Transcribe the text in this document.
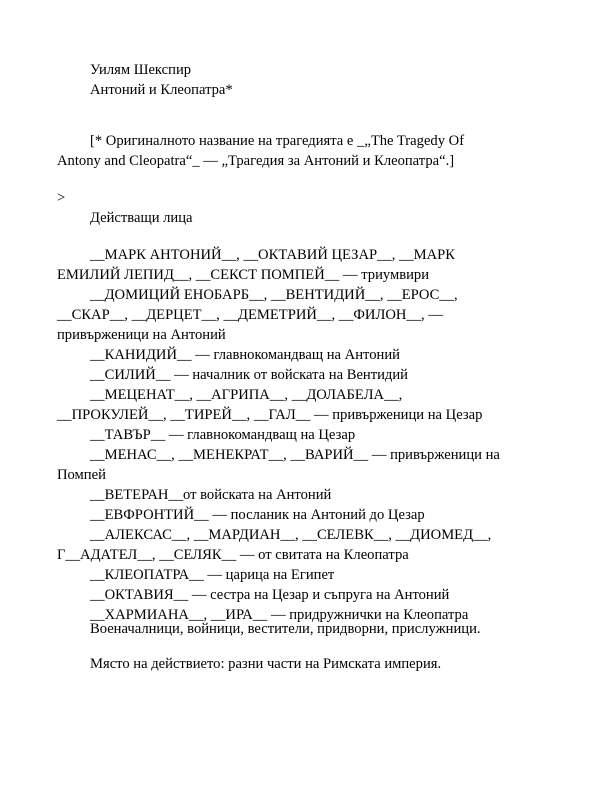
Уилям Шекспир

Антоний и Клеопатра*

[* Оригиналното название на трагедията е _„The Tragedy Of

Antony and Cleopatra“_ — „Трагедия за Антоний и Клеопатра“.]

>

Действащи лица

__МАРК АНТОНИЙ__, __ОКТАВИЙ ЦЕЗАР__, __МАРК

ЕМИЛИЙ ЛЕПИД__, __СЕКСТ ПОМПЕЙ__ — триумвири

__ДОМИЦИЙ ЕНОБАРБ__, __ВЕНТИДИЙ__, __ЕРОС__,

__СКАР__, __ДЕРЦЕТ__, __ДЕМЕТРИЙ__, __ФИЛОН__, —

привърженици на Антоний

__КАНИДИЙ__ — главнокомандващ на Антоний

__СИЛИЙ__ — началник от войската на Вентидий

__МЕЦЕНАТ__, __АГРИПА__, __ДОЛАБЕЛА__,

__ПРОКУЛЕЙ__, __ТИРЕЙ__, __ГАЛ__ — привърженици на Цезар

__ТАВЪР__ — главнокомандващ на Цезар

__МЕНАС__, __МЕНЕКРАТ__, __ВАРИЙ__ — привърженици на

Помпей

__ВЕТЕРАН__от войската на Антоний

__ЕВФРОНТИЙ__ — посланик на Антоний до Цезар

__АЛЕКСАС__, __МАРДИАН__, __СЕЛЕВК__, __ДИОМЕД__,

Г__АДАТЕЛ__, __СЕЛЯК__ — от свитата на Клеопатра

__КЛЕОПАТРА__ — царица на Египет

__ОКТАВИЯ__ — сестра на Цезар и съпруга на Антоний

__ХАРМИАНА__, __ИРА__ — придружнички на Клеопатра

Военачалници, войници, вестители, придворни, прислужници.

Място на действието: разни части на Римската империя.
